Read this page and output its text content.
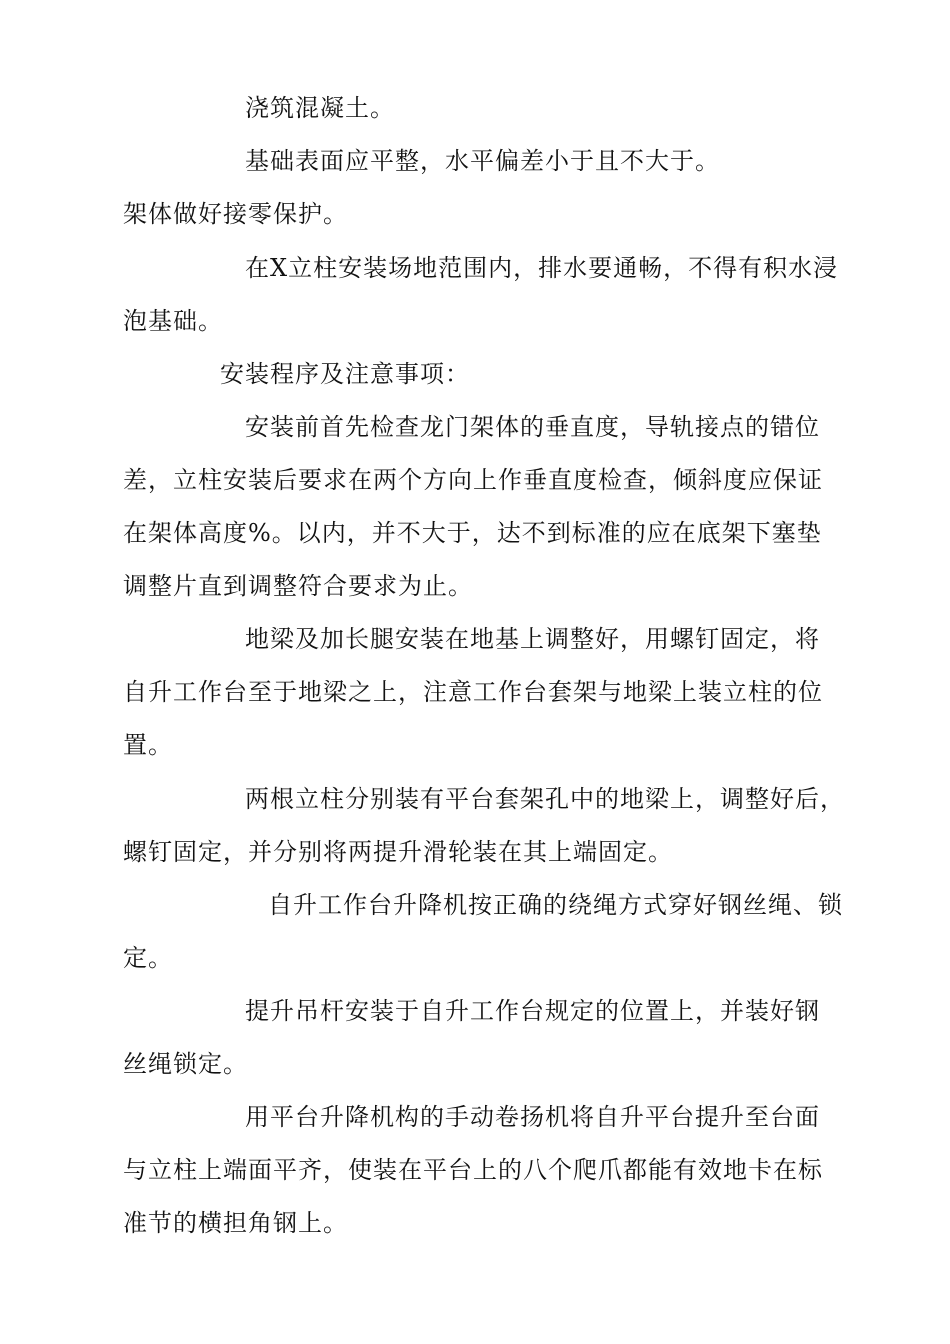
浇筑混凝土。
基础表面应平整，水平偏差小于且不大于。
架体做好接零保护。
在X立柱安装场地范围内，排水要通畅，不得有积水浸
泡基础。
安装程序及注意事项：
安装前首先检查龙门架体的垂直度，导轨接点的错位
差，立柱安装后要求在两个方向上作垂直度检查，倾斜度应保证
在架体高度%。以内，并不大于，达不到标准的应在底架下塞垫
调整片直到调整符合要求为止。
地梁及加长腿安装在地基上调整好，用螺钉固定，将
自升工作台至于地梁之上，注意工作台套架与地梁上装立柱的位
置。
两根立柱分别装有平台套架孔中的地梁上，调整好后，
螺钉固定，并分别将两提升滑轮装在其上端固定。
自升工作台升降机按正确的绕绳方式穿好钢丝绳、锁
定。
提升吊杆安装于自升工作台规定的位置上，并装好钢
丝绳锁定。
用平台升降机构的手动卷扬机将自升平台提升至台面
与立柱上端面平齐，使装在平台上的八个爬爪都能有效地卡在标
准节的横担角钢上。
